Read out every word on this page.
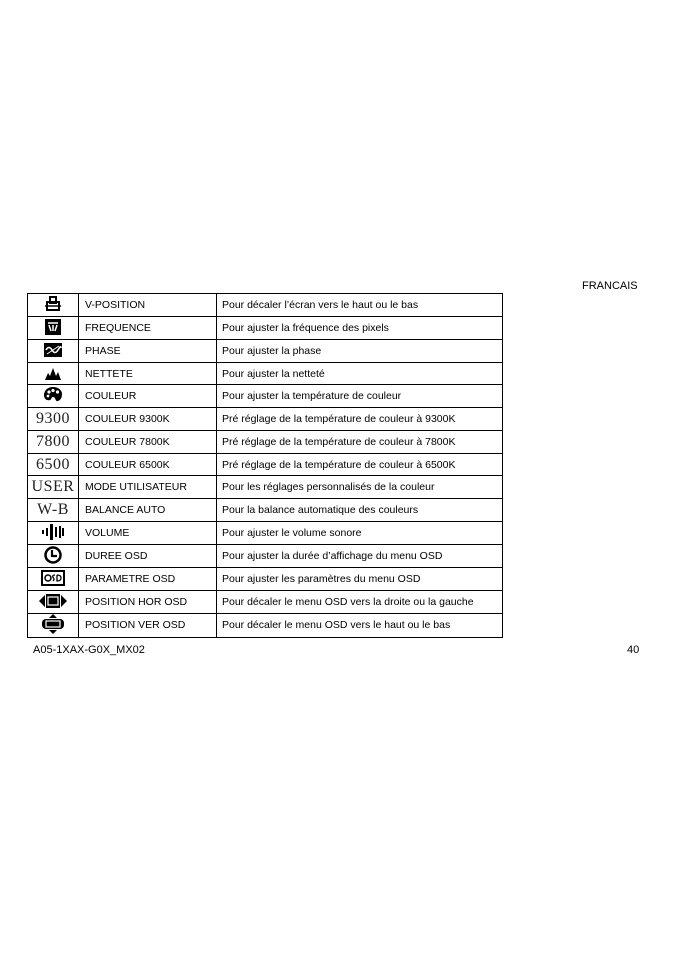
FRANCAIS
	V-POSITION	Pour décaler l’écran vers le haut ou le bas

	FREQUENCE	Pour ajuster la fréquence des pixels

	PHASE	Pour ajuster la phase

	NETTETE	Pour ajuster la netteté

	COULEUR	Pour ajuster la température de couleur
9300	COULEUR 9300K	Pré réglage de la température de couleur à 9300K
7800	COULEUR 7800K	Pré réglage de la température de couleur à 7800K
6500	COULEUR 6500K	Pré réglage de la température de couleur à 6500K
USER	MODE UTILISATEUR	Pour les réglages personnalisés de la couleur
W-B	BALANCE AUTO	Pour la balance automatique des couleurs

	VOLUME	Pour ajuster le volume sonore

	DUREE OSD	Pour ajuster la durée d’affichage du menu OSD

	PARAMETRE OSD	Pour ajuster les paramètres du menu OSD

	POSITION HOR OSD	Pour décaler le menu OSD vers la droite ou la gauche

	POSITION VER OSD	Pour décaler le menu OSD vers le haut ou le bas
A05-1XAX-G0X_MX02	40
